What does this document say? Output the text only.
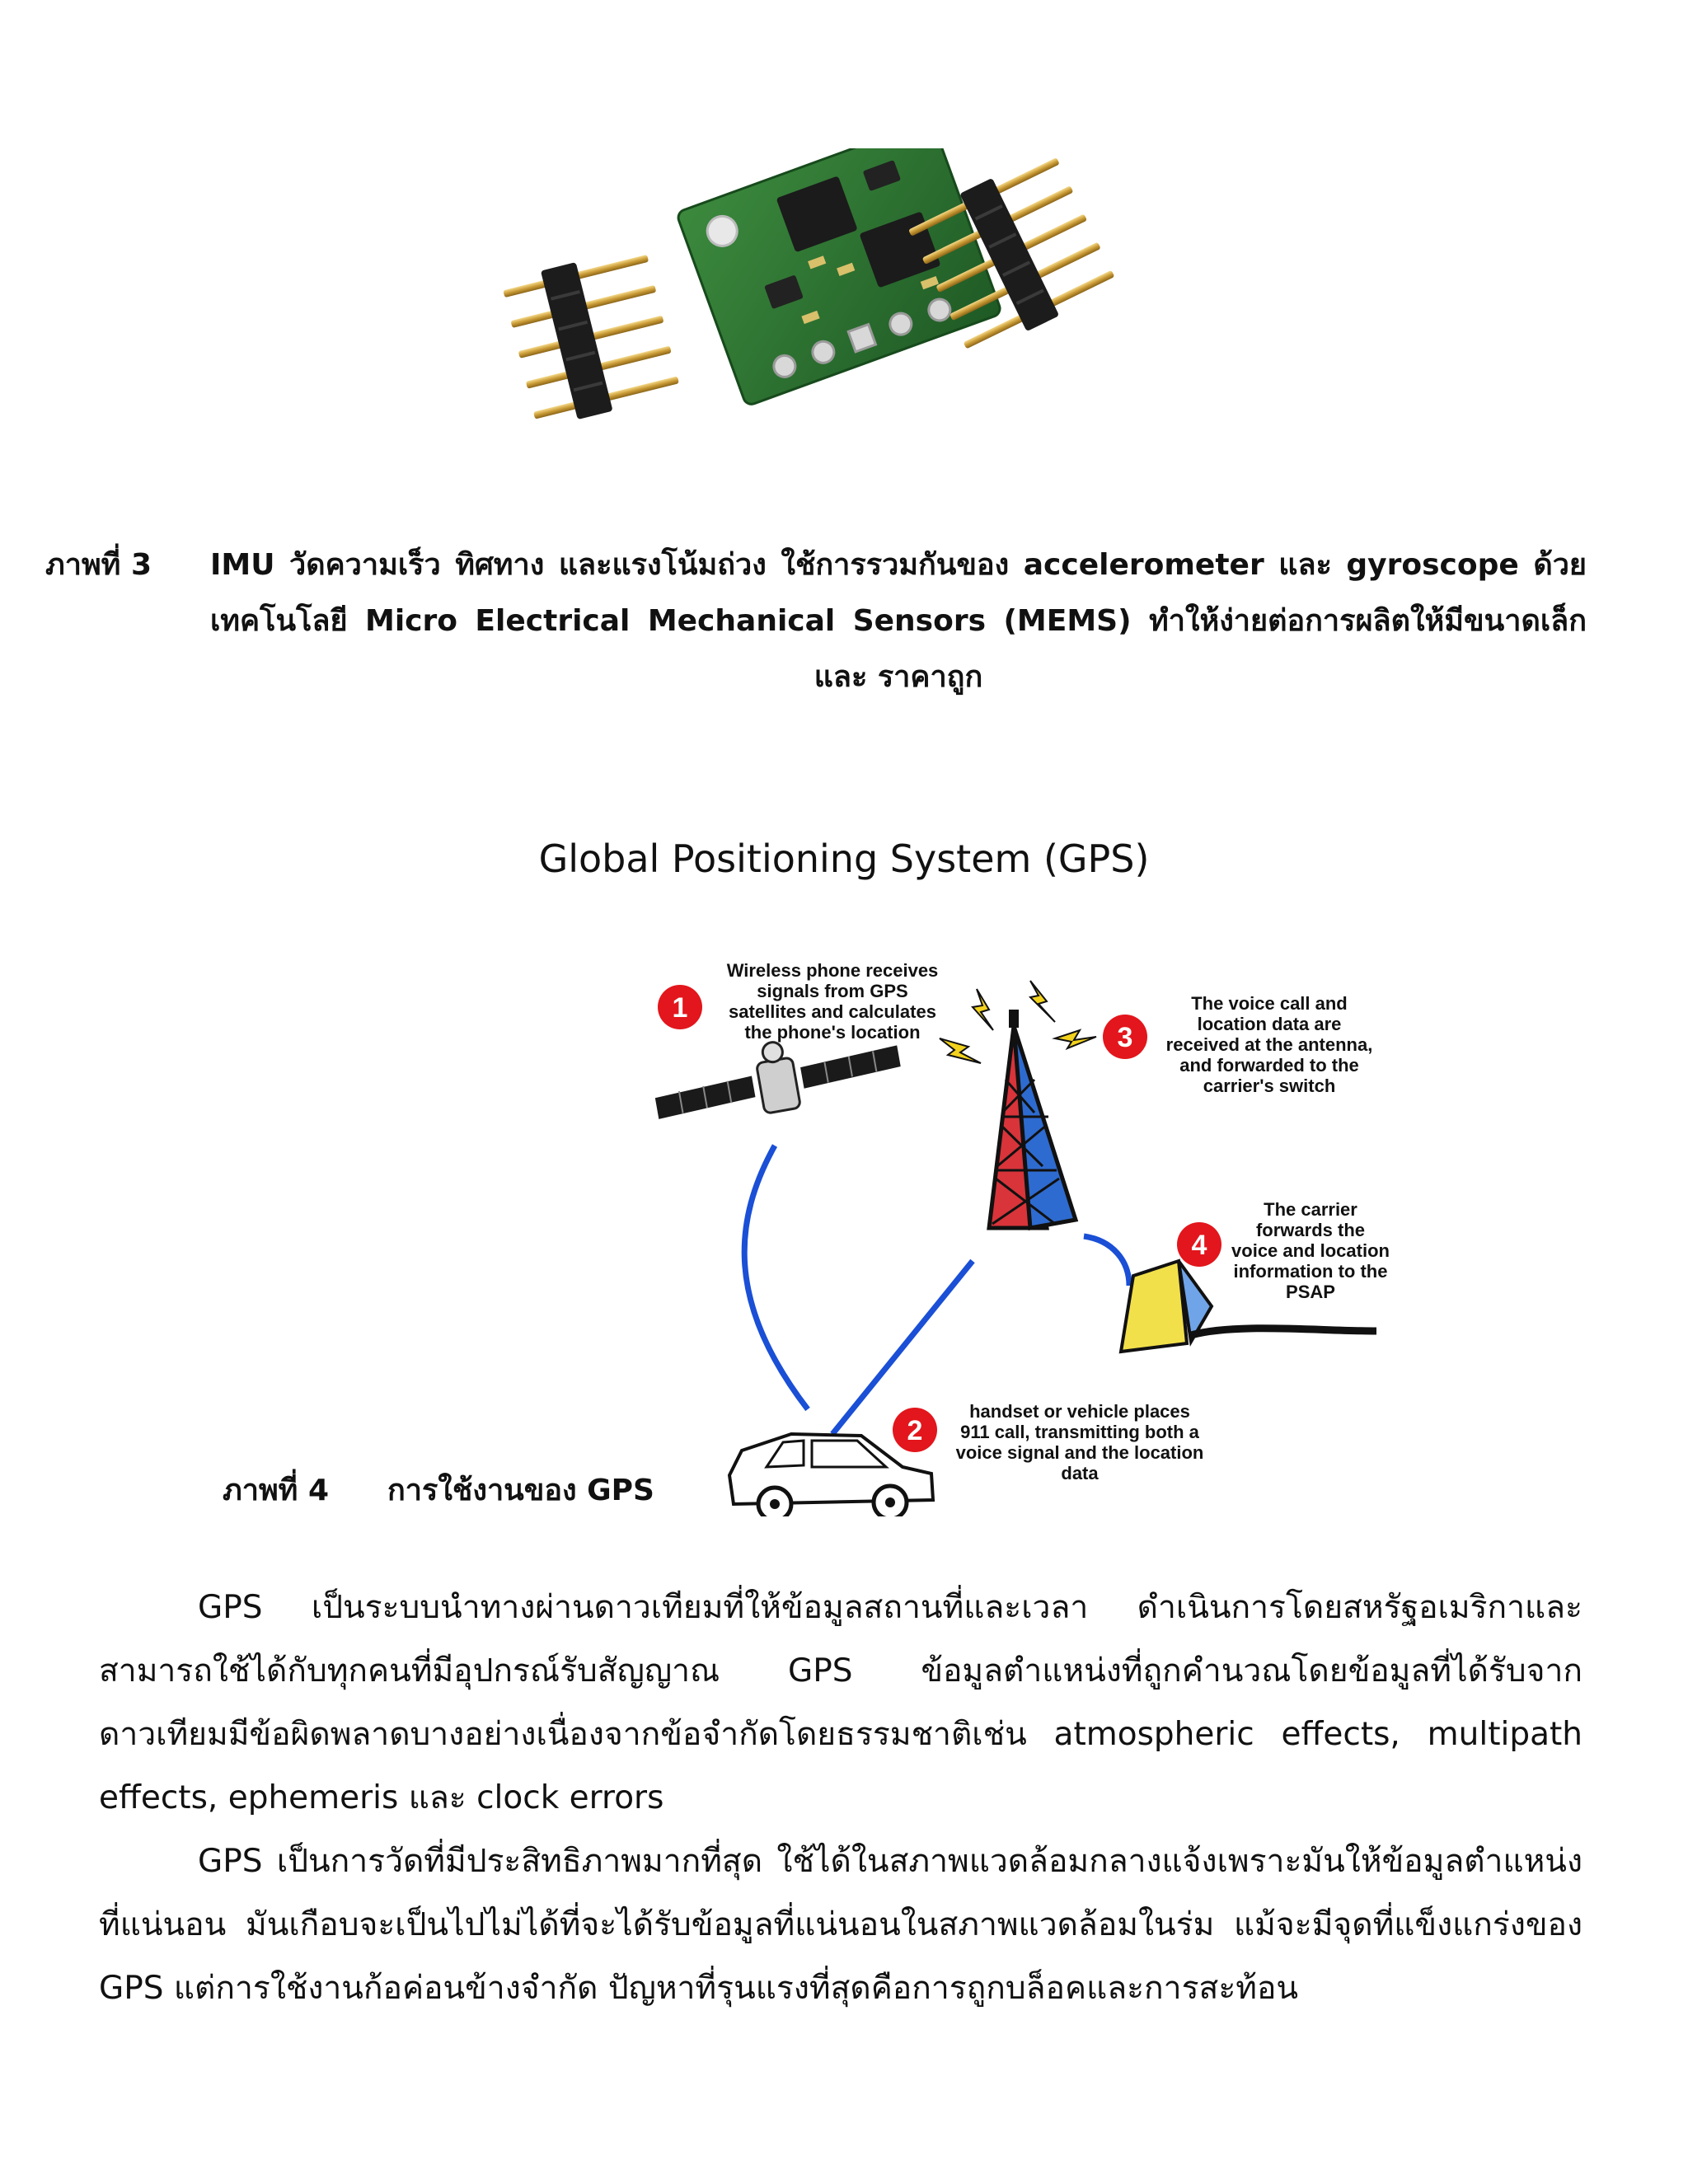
ภาพที่ 3 IMU วัดความเร็ว ทิศทาง และแรงโน้มถ่วง ใช้การรวมกันของ accelerometer และ gyroscope ด้วย เทคโนโลยี Micro Electrical Mechanical Sensors (MEMS) ทำให้ง่ายต่อการผลิตให้มีขนาดเล็กและ ราคาถูก
Global Positioning System (GPS)
1
2
3
4
Wireless phone receives
signals from GPS
satellites and calculates
the phone's location
handset or vehicle places
911 call, transmitting both a
voice signal and the location
data
The voice call and
location data are
received at the antenna,
and forwarded to the
carrier's switch
The carrier
forwards the
voice and location
information to the
PSAP
ภาพที่ 4 การใช้งานของ GPS
GPS เป็นระบบนำทางผ่านดาวเทียมที่ให้ข้อมูลสถานที่และเวลา ดำเนินการโดยสหรัฐอเมริกาและสามารถใช้ได้กับทุกคนที่มีอุปกรณ์รับสัญญาณ GPS ข้อมูลตำแหน่งที่ถูกคำนวณโดยข้อมูลที่ได้รับจากดาวเทียมมีข้อผิดพลาดบางอย่างเนื่องจากข้อจำกัดโดยธรรมชาติเช่น atmospheric effects, multipath effects, ephemeris และ clock errors
GPS เป็นการวัดที่มีประสิทธิภาพมากที่สุด ใช้ได้ในสภาพแวดล้อมกลางแจ้งเพราะมันให้ข้อมูลตำแหน่งที่แน่นอน มันเกือบจะเป็นไปไม่ได้ที่จะได้รับข้อมูลที่แน่นอนในสภาพแวดล้อมในร่ม แม้จะมีจุดที่แข็งแกร่งของ GPS แต่การใช้งานก้อค่อนข้างจำกัด ปัญหาที่รุนแรงที่สุดคือการถูกบล็อคและการสะท้อน
